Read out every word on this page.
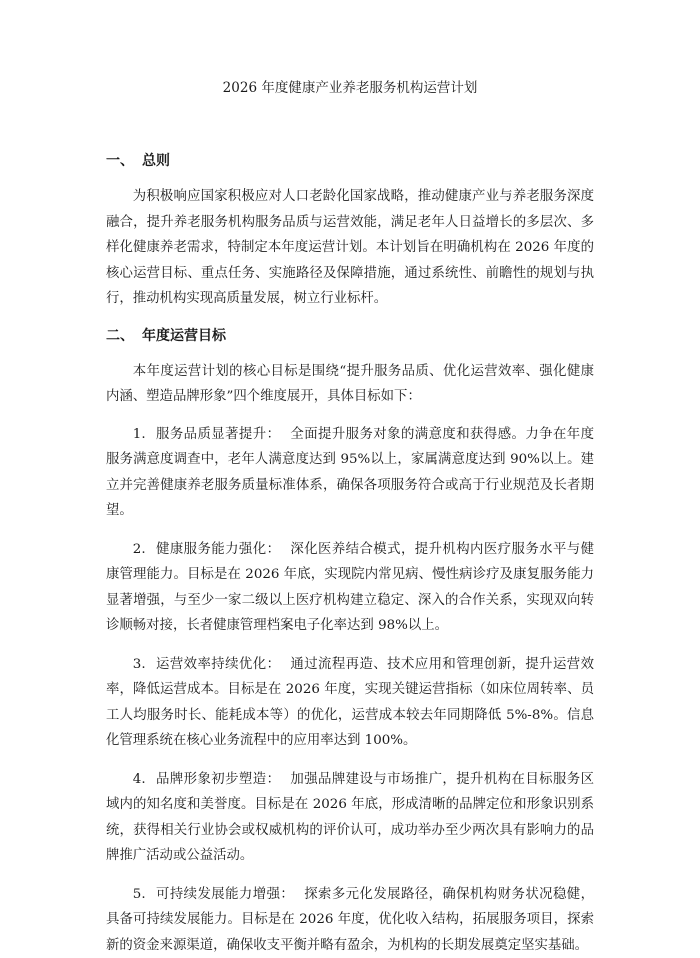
2026 年度健康产业养老服务机构运营计划
一、 总则

为积极响应国家积极应对人口老龄化国家战略，推动健康产业与养老服务深度融合，提升养老服务机构服务品质与运营效能，满足老年人日益增长的多层次、多样化健康养老需求，特制定本年度运营计划。本计划旨在明确机构在 2026 年度的核心运营目标、重点任务、实施路径及保障措施，通过系统性、前瞻性的规划与执行，推动机构实现高质量发展，树立行业标杆。

二、 年度运营目标

本年度运营计划的核心目标是围绕“提升服务品质、优化运营效率、强化健康内涵、塑造品牌形象”四个维度展开，具体目标如下：

1. 服务品质显著提升： 全面提升服务对象的满意度和获得感。力争在年度服务满意度调查中，老年人满意度达到 95%以上，家属满意度达到 90%以上。建立并完善健康养老服务质量标准体系，确保各项服务符合或高于行业规范及长者期望。

2. 健康服务能力强化： 深化医养结合模式，提升机构内医疗服务水平与健康管理能力。目标是在 2026 年底，实现院内常见病、慢性病诊疗及康复服务能力显著增强，与至少一家二级以上医疗机构建立稳定、深入的合作关系，实现双向转诊顺畅对接，长者健康管理档案电子化率达到 98%以上。

3. 运营效率持续优化： 通过流程再造、技术应用和管理创新，提升运营效率，降低运营成本。目标是在 2026 年度，实现关键运营指标（如床位周转率、员工人均服务时长、能耗成本等）的优化，运营成本较去年同期降低 5%-8%。信息化管理系统在核心业务流程中的应用率达到 100%。

4. 品牌形象初步塑造： 加强品牌建设与市场推广，提升机构在目标服务区域内的知名度和美誉度。目标是在 2026 年底，形成清晰的品牌定位和形象识别系统，获得相关行业协会或权威机构的评价认可，成功举办至少两次具有影响力的品牌推广活动或公益活动。

5. 可持续发展能力增强： 探索多元化发展路径，确保机构财务状况稳健，具备可持续发展能力。目标是在 2026 年度，优化收入结构，拓展服务项目，探索新的资金来源渠道，确保收支平衡并略有盈余，为机构的长期发展奠定坚实基础。
